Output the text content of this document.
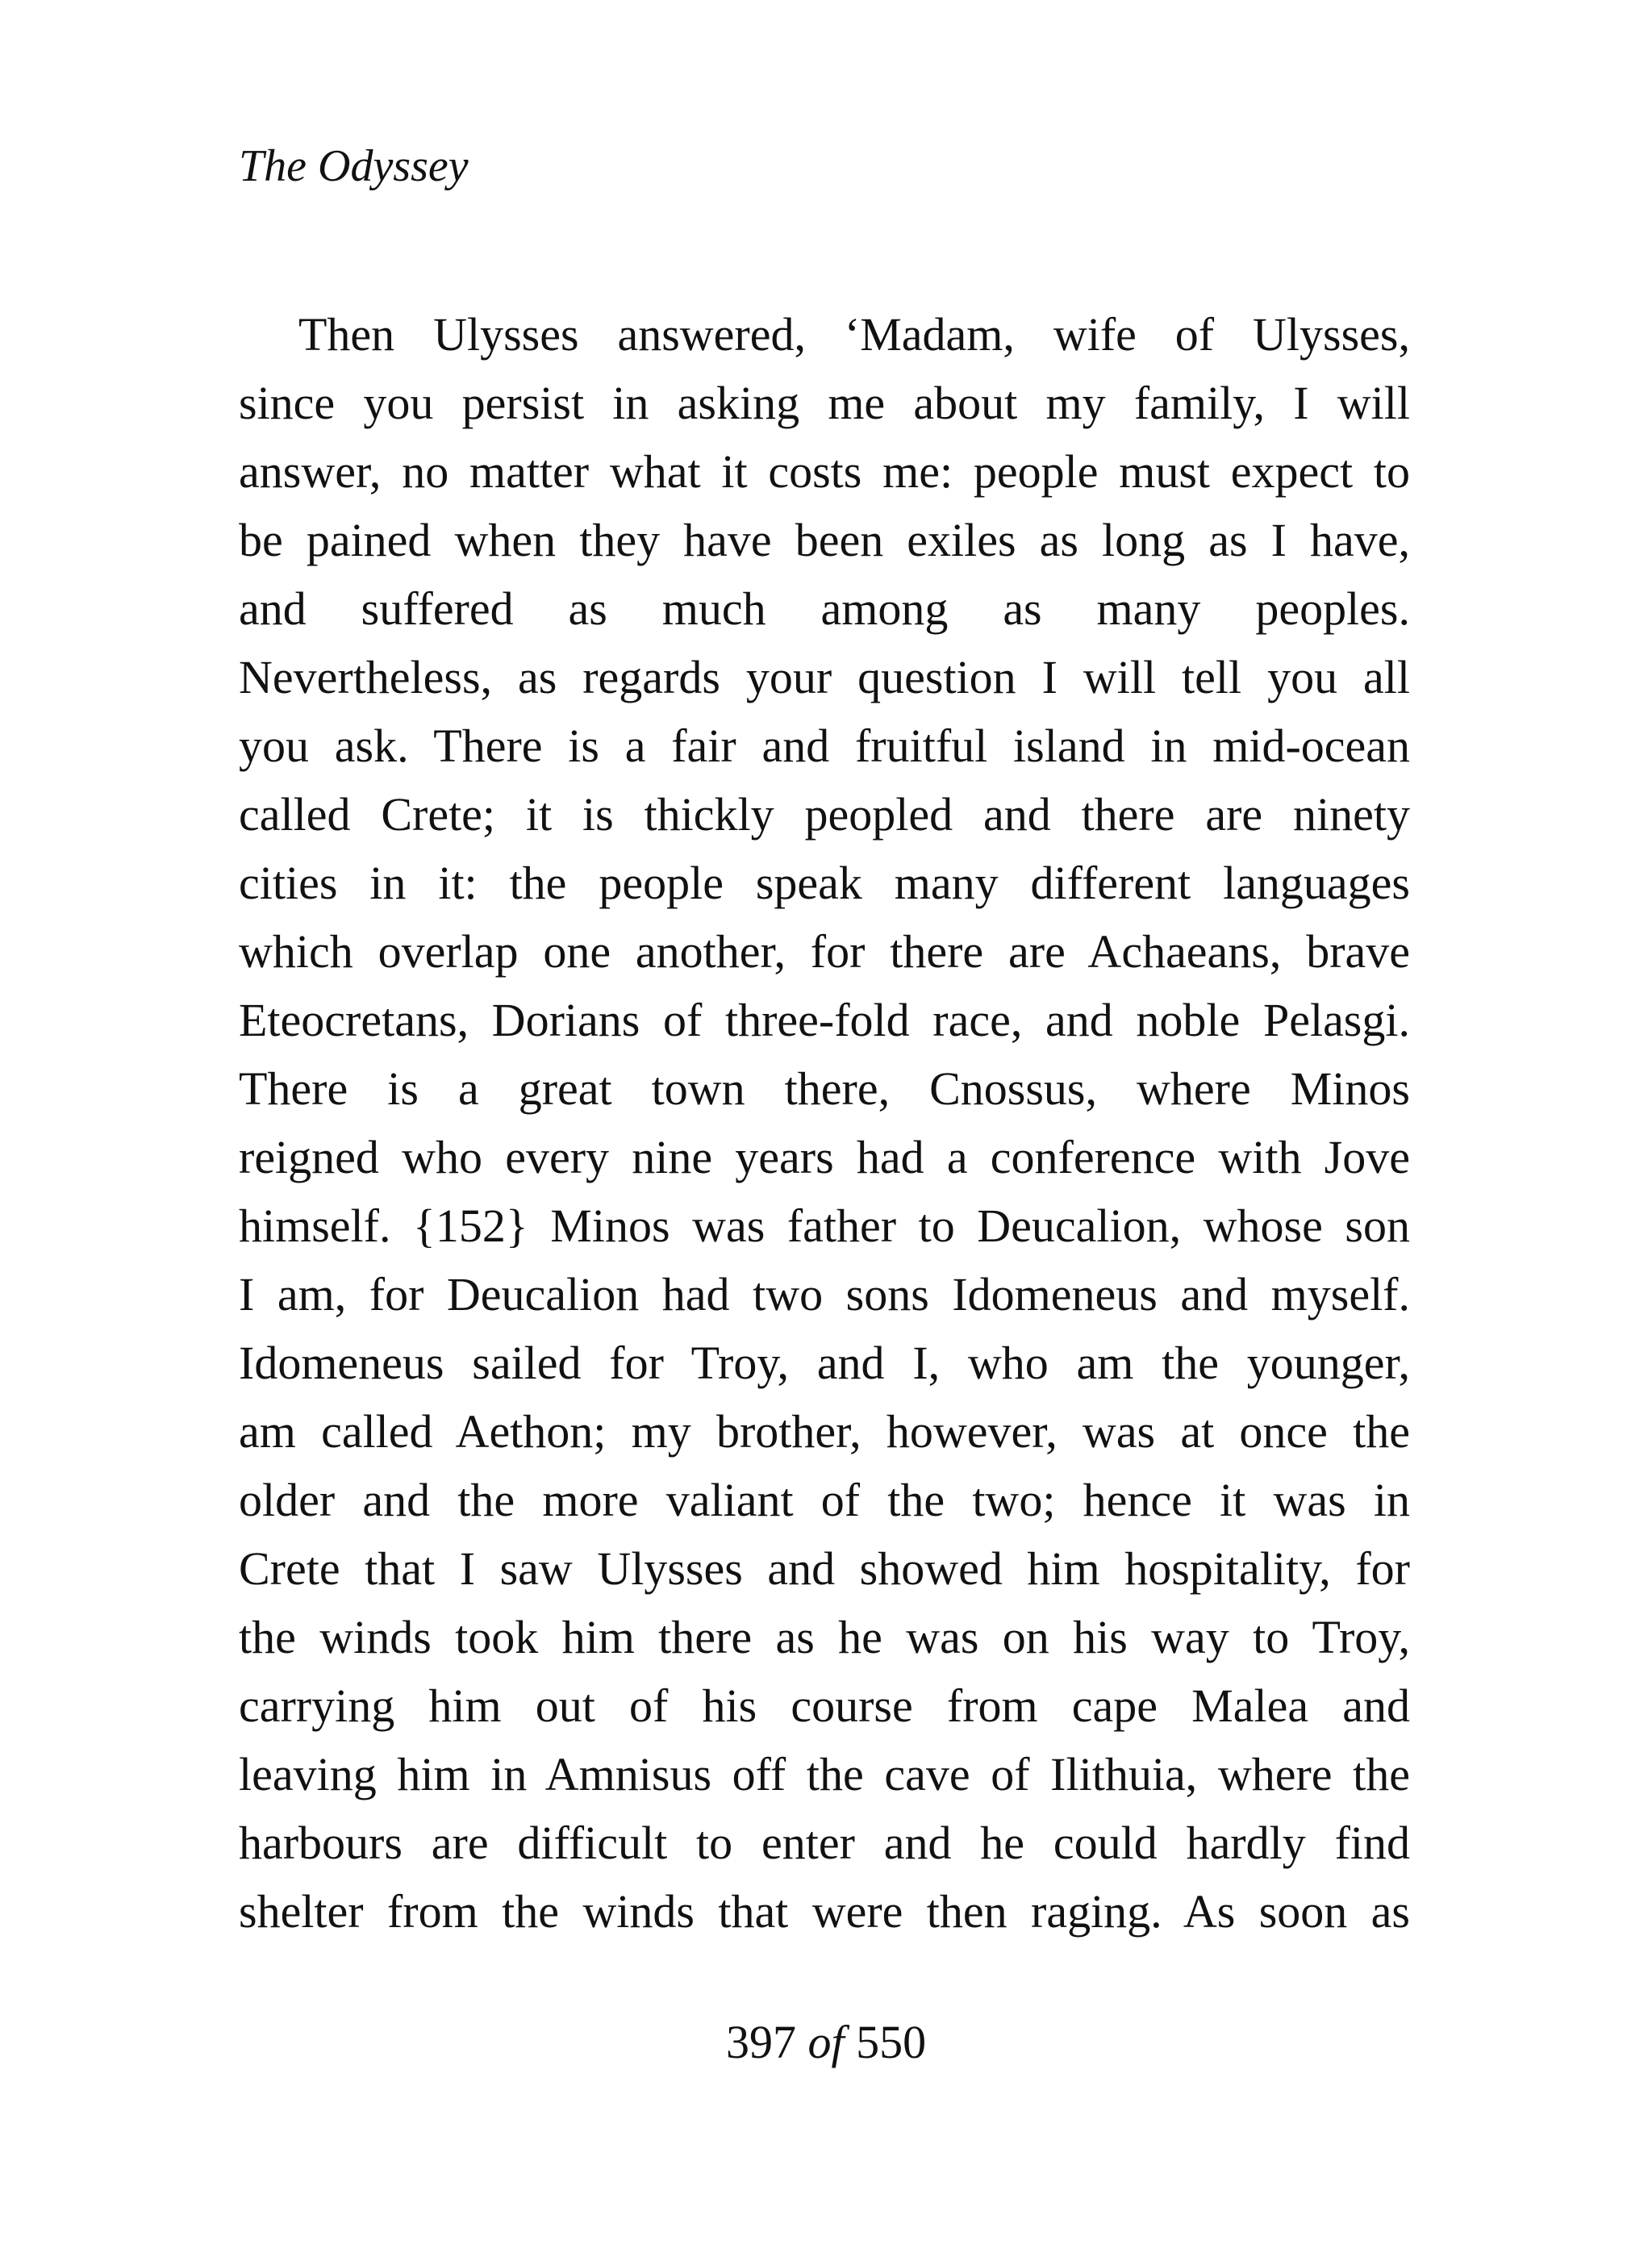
The Odyssey
Then Ulysses answered, ‘Madam, wife of Ulysses,
since you persist in asking me about my family, I will
answer, no matter what it costs me: people must expect to
be pained when they have been exiles as long as I have,
and suffered as much among as many peoples.
Nevertheless, as regards your question I will tell you all
you ask. There is a fair and fruitful island in mid-ocean
called Crete; it is thickly peopled and there are ninety
cities in it: the people speak many different languages
which overlap one another, for there are Achaeans, brave
Eteocretans, Dorians of three-fold race, and noble Pelasgi.
There is a great town there, Cnossus, where Minos
reigned who every nine years had a conference with Jove
himself. {152} Minos was father to Deucalion, whose son
I am, for Deucalion had two sons Idomeneus and myself.
Idomeneus sailed for Troy, and I, who am the younger,
am called Aethon; my brother, however, was at once the
older and the more valiant of the two; hence it was in
Crete that I saw Ulysses and showed him hospitality, for
the winds took him there as he was on his way to Troy,
carrying him out of his course from cape Malea and
leaving him in Amnisus off the cave of Ilithuia, where the
harbours are difficult to enter and he could hardly find
shelter from the winds that were then raging. As soon as
397 of 550
